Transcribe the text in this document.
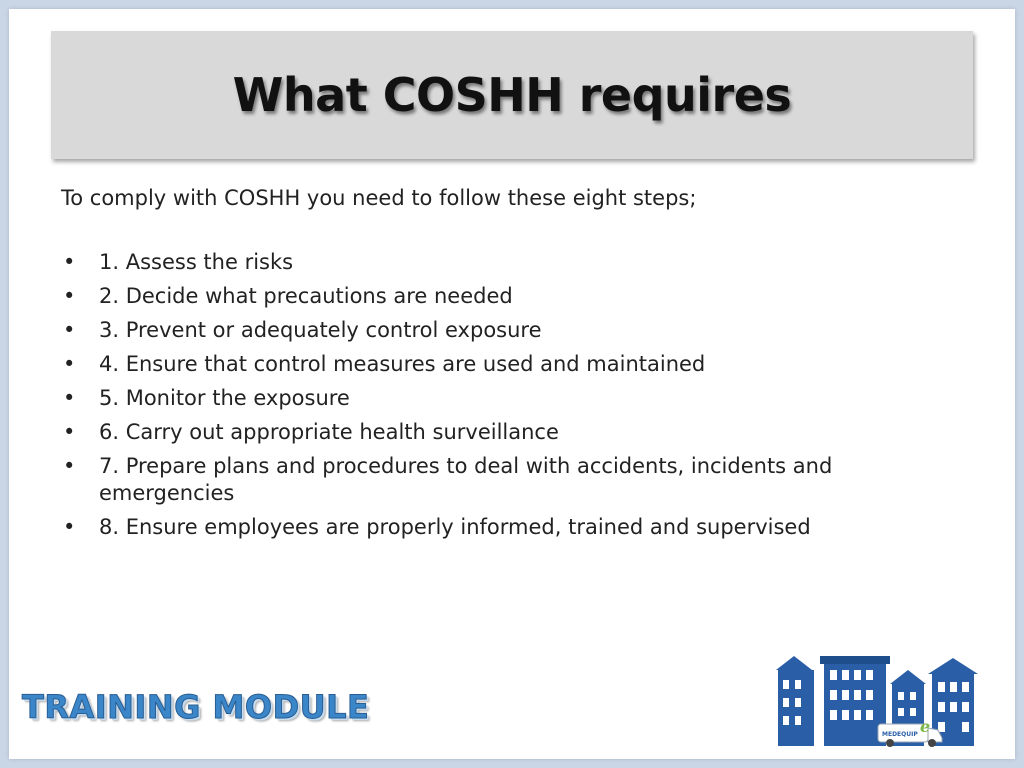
What COSHH requires

To comply with COSHH you need to follow these eight steps;

• 1. Assess the risks
• 2. Decide what precautions are needed
• 3. Prevent or adequately control exposure
• 4. Ensure that control measures are used and maintained
• 5. Monitor the exposure
• 6. Carry out appropriate health surveillance
• 7. Prepare plans and procedures to deal with accidents, incidents and emergencies
• 8. Ensure employees are properly informed, trained and supervised
TRAINING MODULE
MEDEQUIP e
